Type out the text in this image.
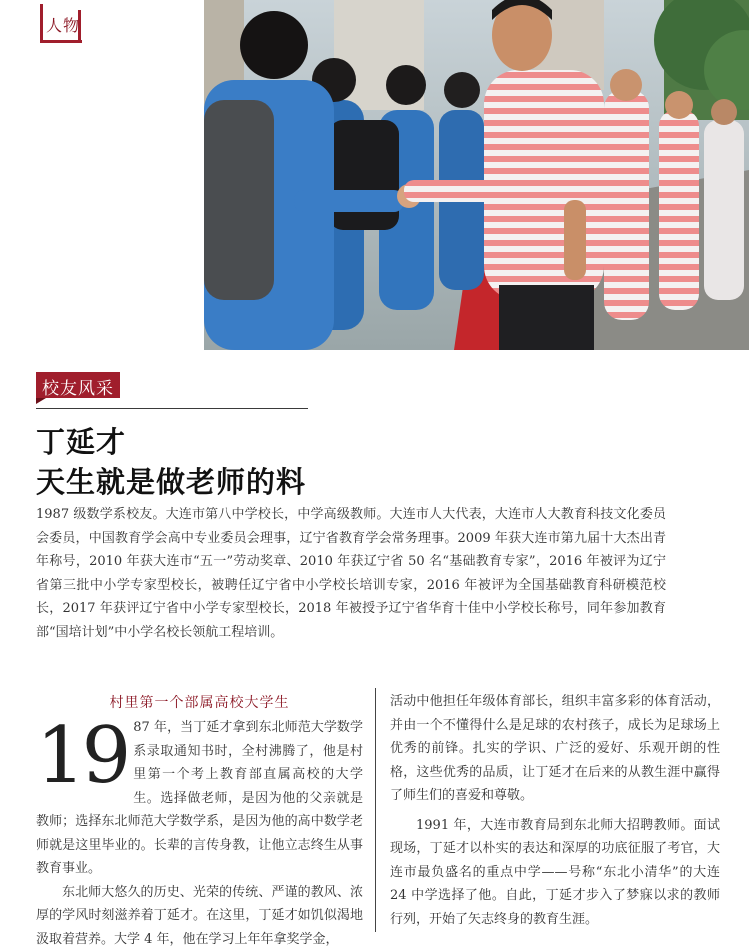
人物
校友风采
丁延才
天生就是做老师的料
1987 级数学系校友。大连市第八中学校长，中学高级教师。大连市人大代表，大连市人大教育科技文化委员会委员，中国教育学会高中专业委员会理事，辽宁省教育学会常务理事。2009 年获大连市第九届十大杰出青年称号，2010 年获大连市“五一”劳动奖章、2010 年获辽宁省 50 名“基础教育专家”，2016 年被评为辽宁省第三批中小学专家型校长，被聘任辽宁省中小学校长培训专家，2016 年被评为全国基础教育科研模范校长，2017 年获评辽宁省中小学专家型校长，2018 年被授予辽宁省华育十佳中小学校长称号，同年参加教育部“国培计划”中小学名校长领航工程培训。
村里第一个部属高校大学生
19 87 年，当丁延才拿到东北师范大学数学系录取通知书时，全村沸腾了，他是村里第一个考上教育部直属高校的大学生。选择做老师，是因为他的父亲就是教师；选择东北师范大学数学系，是因为他的高中数学老师就是这里毕业的。长辈的言传身教，让他立志终生从事教育事业。

东北师大悠久的历史、光荣的传统、严谨的教风、浓厚的学风时刻滋养着丁延才。在这里，丁延才如饥似渴地汲取着营养。大学 4 年，他在学习上年年拿奖学金，

活动中他担任年级体育部长，组织丰富多彩的体育活动，并由一个不懂得什么是足球的农村孩子，成长为足球场上优秀的前锋。扎实的学识、广泛的爱好、乐观开朗的性格，这些优秀的品质，让丁延才在后来的从教生涯中赢得了师生们的喜爱和尊敬。

1991 年，大连市教育局到东北师大招聘教师。面试现场，丁延才以朴实的表达和深厚的功底征服了考官，大连市最负盛名的重点中学——号称“东北小清华”的大连 24 中学选择了他。自此，丁延才步入了梦寐以求的教师行列，开始了矢志终身的教育生涯。
